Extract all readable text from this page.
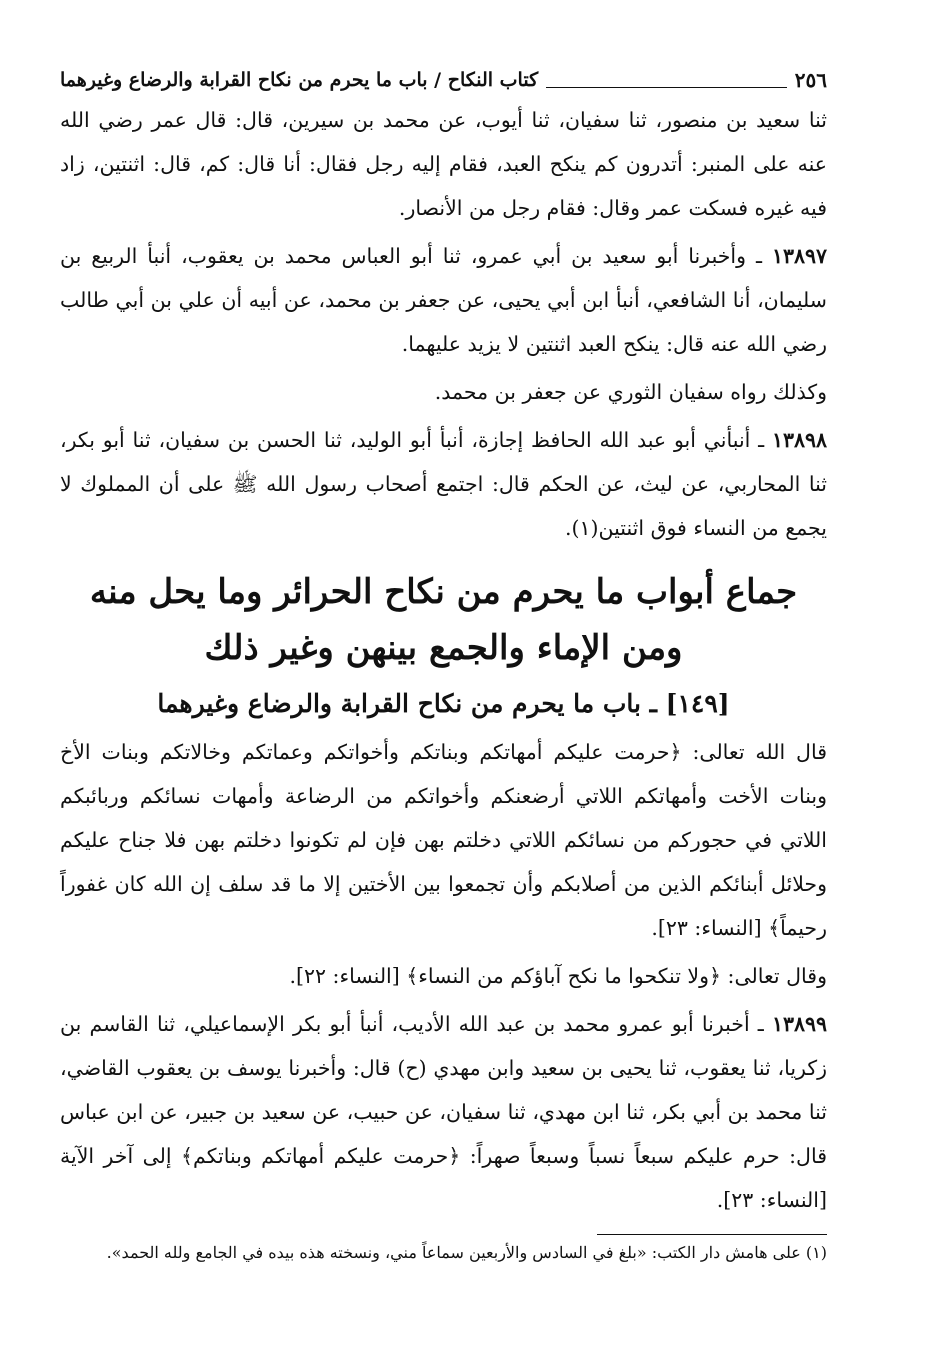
٢٥٦
كتاب النكاح / باب ما يحرم من نكاح القرابة والرضاع وغيرهما

ثنا سعيد بن منصور، ثنا سفيان، ثنا أيوب، عن محمد بن سيرين، قال: قال عمر رضي الله عنه على المنبر: أتدرون كم ينكح العبد، فقام إليه رجل فقال: أنا قال: كم، قال: اثنتين، زاد فيه غيره فسكت عمر وقال: فقام رجل من الأنصار.

١٣٨٩٧ ـ وأخبرنا أبو سعيد بن أبي عمرو، ثنا أبو العباس محمد بن يعقوب، أنبأ الربيع بن سليمان، أنا الشافعي، أنبأ ابن أبي يحيى، عن جعفر بن محمد، عن أبيه أن علي بن أبي طالب رضي الله عنه قال: ينكح العبد اثنتين لا يزيد عليهما.

وكذلك رواه سفيان الثوري عن جعفر بن محمد.

١٣٨٩٨ ـ أنبأني أبو عبد الله الحافظ إجازة، أنبأ أبو الوليد، ثنا الحسن بن سفيان، ثنا أبو بكر، ثنا المحاربي، عن ليث، عن الحكم قال: اجتمع أصحاب رسول الله ﷺ على أن المملوك لا يجمع من النساء فوق اثنتين(١).

جماع أبواب ما يحرم من نكاح الحرائر وما يحل منه
ومن الإماء والجمع بينهن وغير ذلك
[١٤٩] ـ باب ما يحرم من نكاح القرابة والرضاع وغيرهما

قال الله تعالى: ﴿حرمت عليكم أمهاتكم وبناتكم وأخواتكم وعماتكم وخالاتكم وبنات الأخ وبنات الأخت وأمهاتكم اللاتي أرضعنكم وأخواتكم من الرضاعة وأمهات نسائكم وربائبكم اللاتي في حجوركم من نسائكم اللاتي دخلتم بهن فإن لم تكونوا دخلتم بهن فلا جناح عليكم وحلائل أبنائكم الذين من أصلابكم وأن تجمعوا بين الأختين إلا ما قد سلف إن الله كان غفوراً رحيماً﴾ [النساء: ٢٣].

وقال تعالى: ﴿ولا تنكحوا ما نكح آباؤكم من النساء﴾ [النساء: ٢٢].

١٣٨٩٩ ـ أخبرنا أبو عمرو محمد بن عبد الله الأديب، أنبأ أبو بكر الإسماعيلي، ثنا القاسم بن زكريا، ثنا يعقوب، ثنا يحيى بن سعيد وابن مهدي (ح) قال: وأخبرنا يوسف بن يعقوب القاضي، ثنا محمد بن أبي بكر، ثنا ابن مهدي، ثنا سفيان، عن حبيب، عن سعيد بن جبير، عن ابن عباس قال: حرم عليكم سبعاً نسباً وسبعاً صهراً: ﴿حرمت عليكم أمهاتكم وبناتكم﴾ إلى آخر الآية [النساء: ٢٣].

(١) على هامش دار الكتب: «بلغ في السادس والأربعين سماعاً مني، ونسخته هذه بيده في الجامع ولله الحمد».
